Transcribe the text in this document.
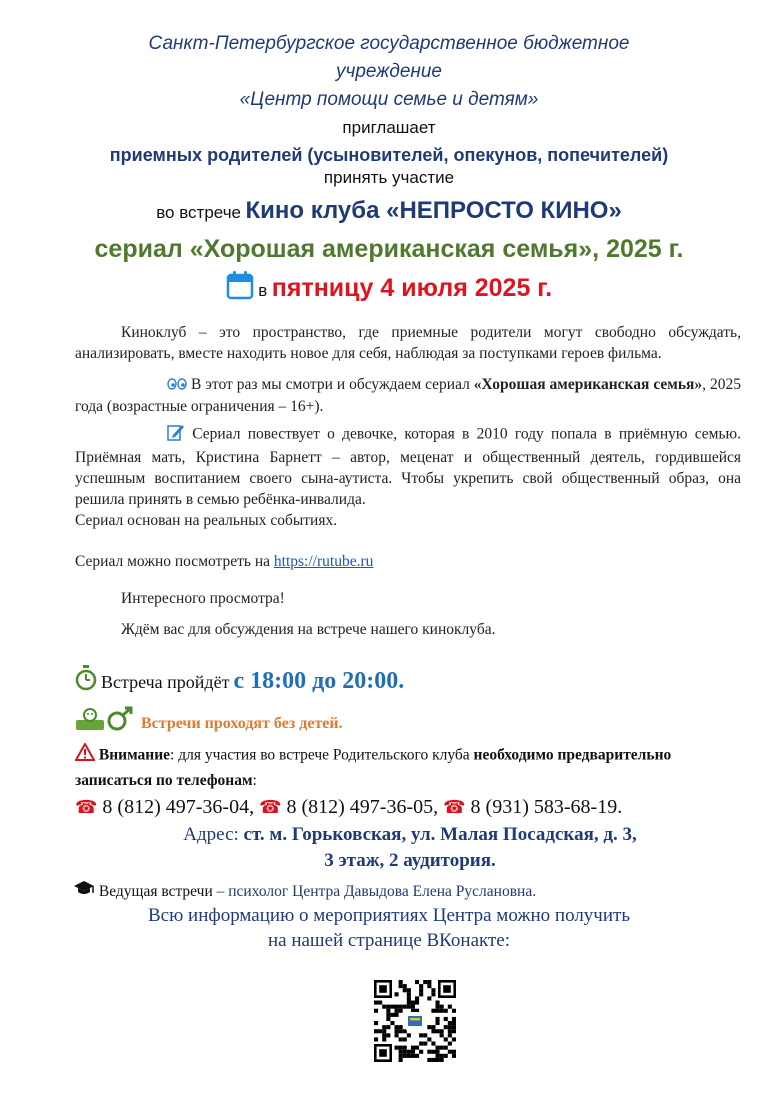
Санкт-Петербургское государственное бюджетное
учреждение
«Центр помощи семье и детям»
приглашает
приемных родителей (усыновителей, опекунов, попечителей)
принять участие
во встрече Кино клуба «НЕПРОСТО КИНО»
сериал «Хорошая американская семья», 2025 г.
в пятницу 4 июля 2025 г.

Киноклуб – это пространство, где приемные родители могут свободно обсуждать, анализировать, вместе находить новое для себя, наблюдая за поступками героев фильма.

В этот раз мы смотри и обсуждаем сериал «Хорошая американская семья», 2025 года (возрастные ограничения – 16+).

Сериал повествует о девочке, которая в 2010 году попала в приёмную семью. Приёмная мать, Кристина Барнетт – автор, меценат и общественный деятель, гордившейся успешным воспитанием своего сына-аутиста. Чтобы укрепить свой общественный образ, она решила принять в семью ребёнка-инвалида.

Сериал основан на реальных событиях.

Сериал можно посмотреть на https://rutube.ru

Интересного просмотра!

Ждём вас для обсуждения на встрече нашего киноклуба.

Встреча пройдёт с 18:00 до 20:00.
Встречи проходят без детей.
Внимание: для участия во встрече Родительского клуба необходимо предварительно записаться по телефонам:
☎ 8 (812) 497-36-04, ☎ 8 (812) 497-36-05, ☎ 8 (931) 583-68-19.
Адрес: ст. м. Горьковская, ул. Малая Посадская, д. 3,
3 этаж, 2 аудитория.
Ведущая встречи – психолог Центра Давыдова Елена Руслановна.
Всю информацию о мероприятиях Центра можно получить
на нашей странице ВКонакте:
